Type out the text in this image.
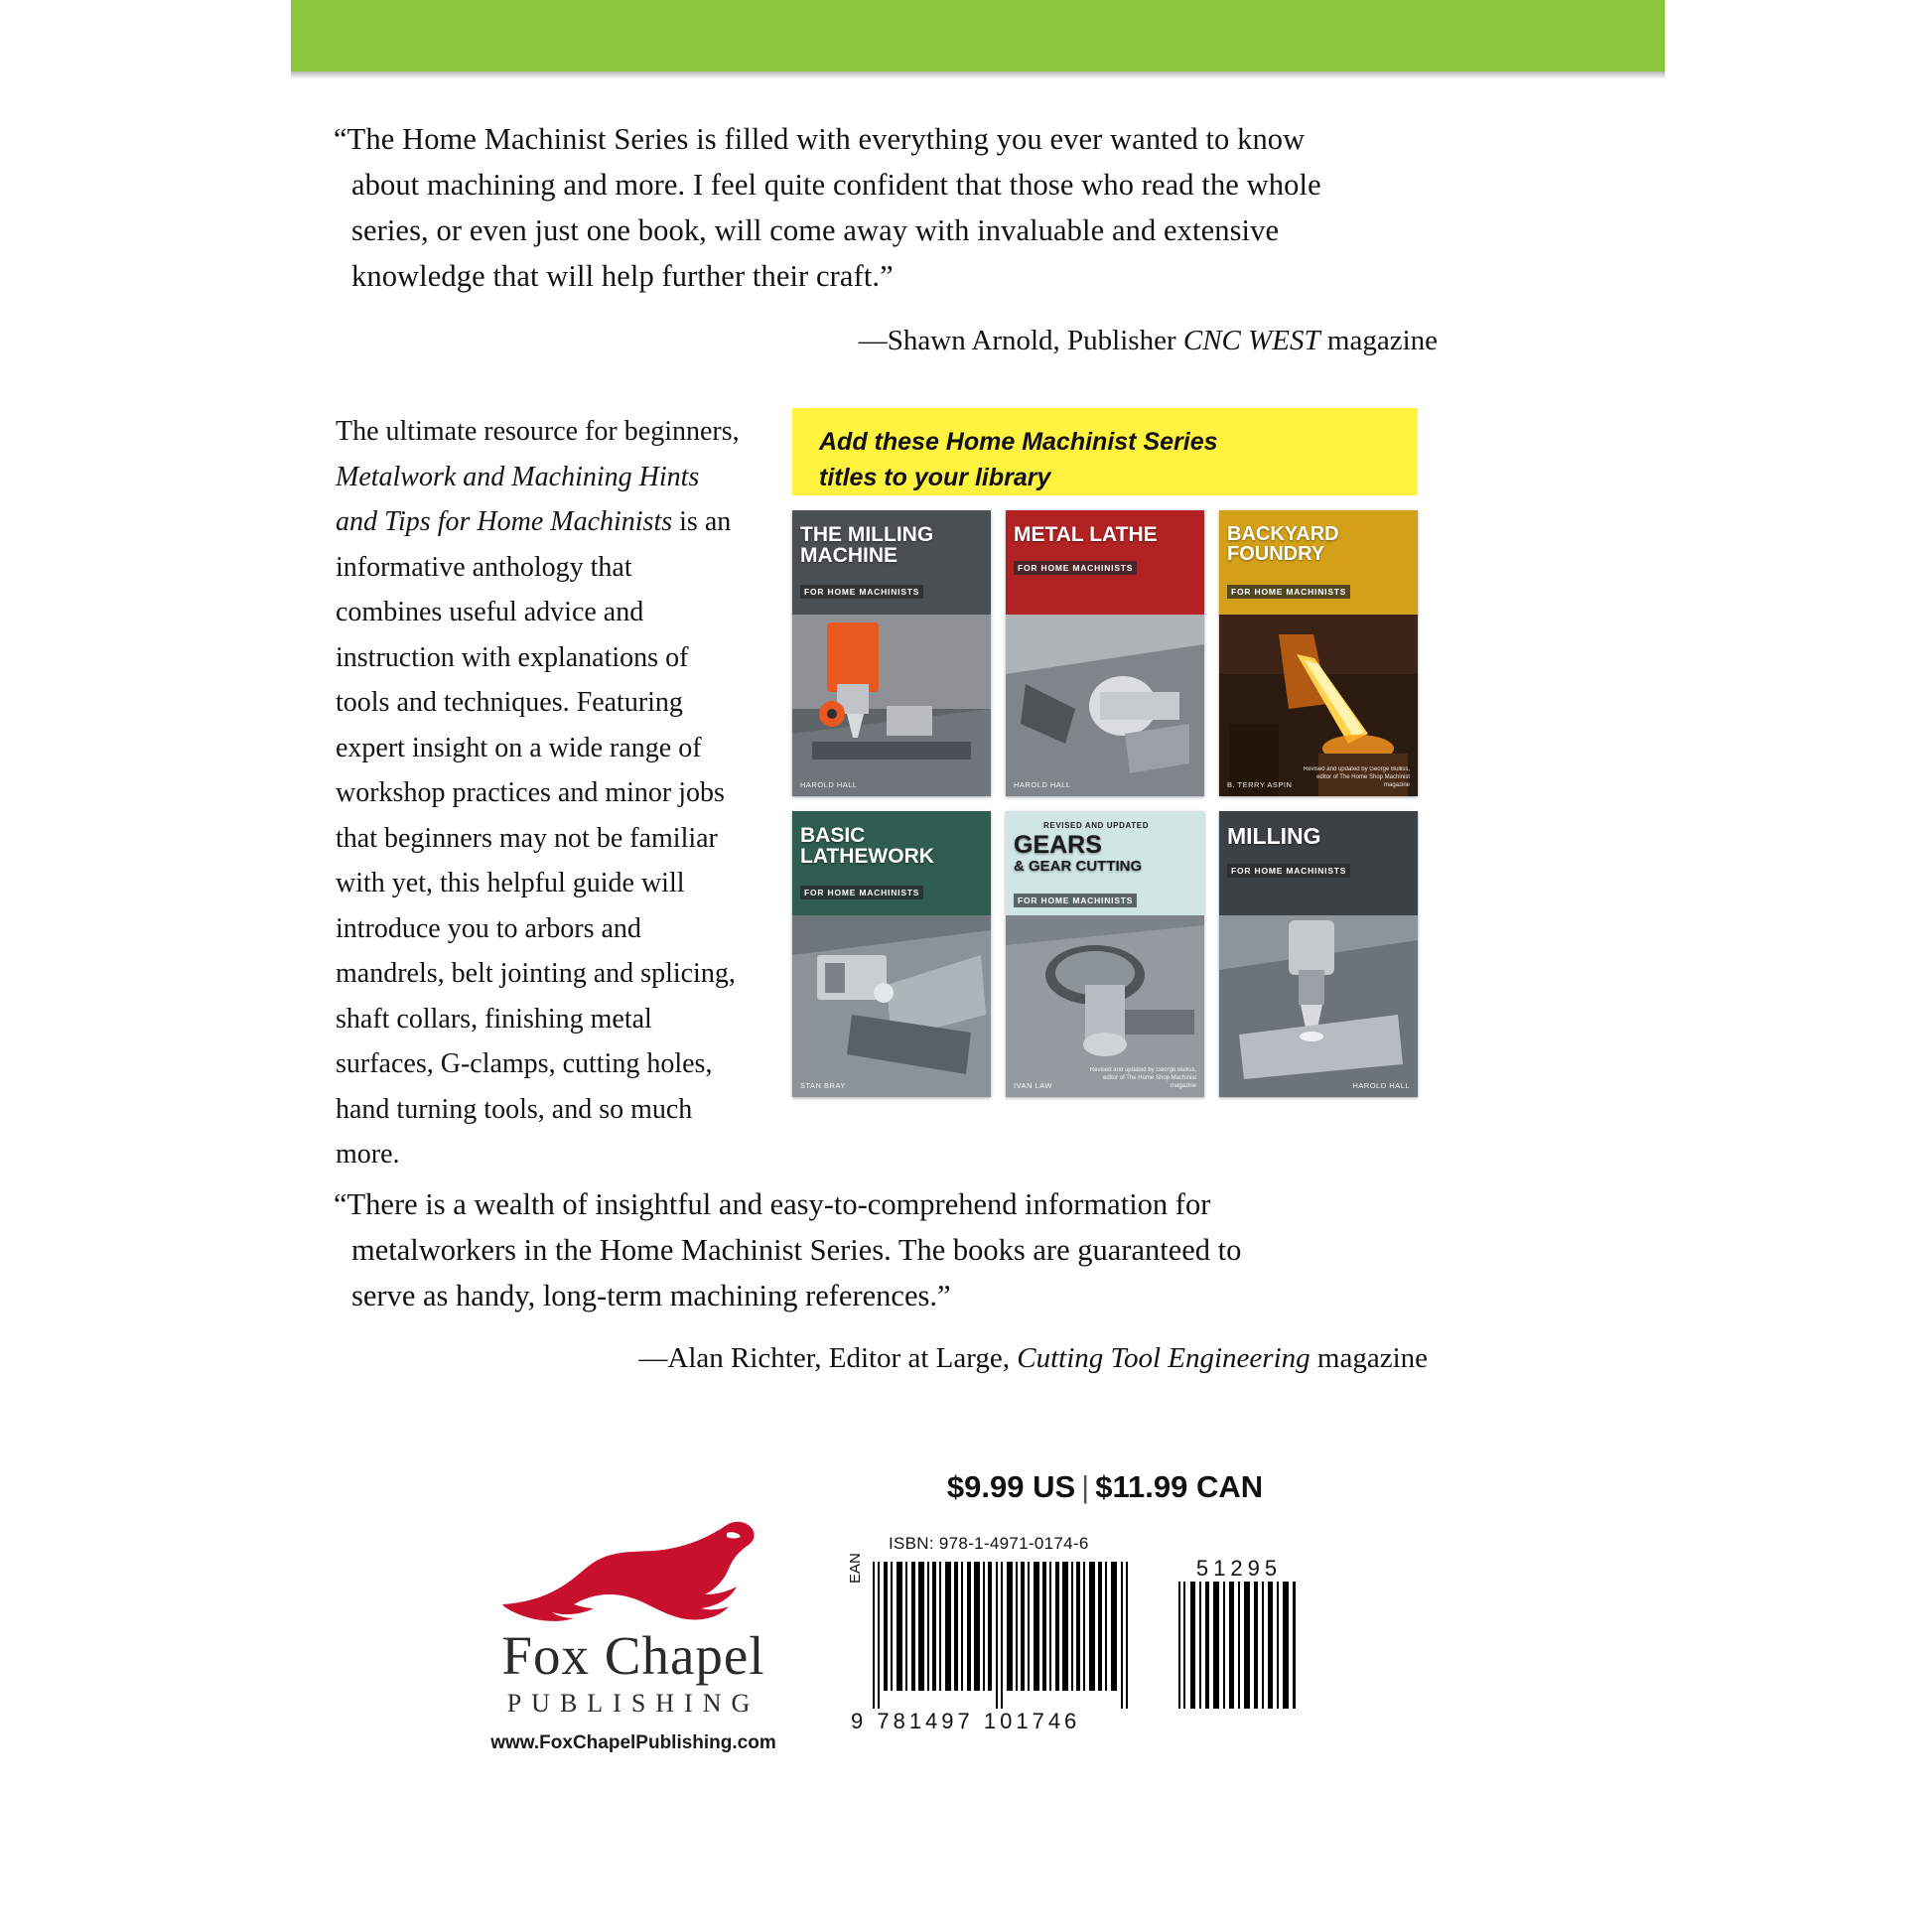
“The Home Machinist Series is filled with everything you ever wanted to know
about machining and more. I feel quite confident that those who read the whole
series, or even just one book, will come away with invaluable and extensive
knowledge that will help further their craft.”
—Shawn Arnold, Publisher CNC WEST magazine
The ultimate resource for beginners, Metalwork and Machining Hints and Tips for Home Machinists is an informative anthology that combines useful advice and instruction with explanations of tools and techniques. Featuring expert insight on a wide range of workshop practices and minor jobs that beginners may not be familiar with yet, this helpful guide will introduce you to arbors and mandrels, belt jointing and splicing, shaft collars, finishing metal surfaces, G-clamps, cutting holes, hand turning tools, and so much more.
Add these Home Machinist Series
titles to your library
THE MILLING
MACHINE
FOR HOME MACHINISTS
HAROLD HALL
METAL LATHE
FOR HOME MACHINISTS
HAROLD HALL
BACKYARD
FOUNDRY
FOR HOME MACHINISTS
B. TERRY ASPIN
Revised and updated by George Bulliss, editor of The Home Shop Machinist magazine
BASIC
LATHEWORK
FOR HOME MACHINISTS
STAN BRAY
REVISED AND UPDATED
GEARS
& GEAR CUTTING
FOR HOME MACHINISTS
IVAN LAW
Revised and updated by George Bulliss, editor of The Home Shop Machinist magazine
MILLING
FOR HOME MACHINISTS
HAROLD HALL
“There is a wealth of insightful and easy-to-comprehend information for
metalworkers in the Home Machinist Series. The books are guaranteed to
serve as handy, long-term machining references.”
—Alan Richter, Editor at Large, Cutting Tool Engineering magazine
$9.99 US | $11.99 CAN
Fox Chapel
PUBLISHING
www.FoxChapelPublishing.com
ISBN: 978-1-4971-0174-6
EAN
9 781497 101746
51295
